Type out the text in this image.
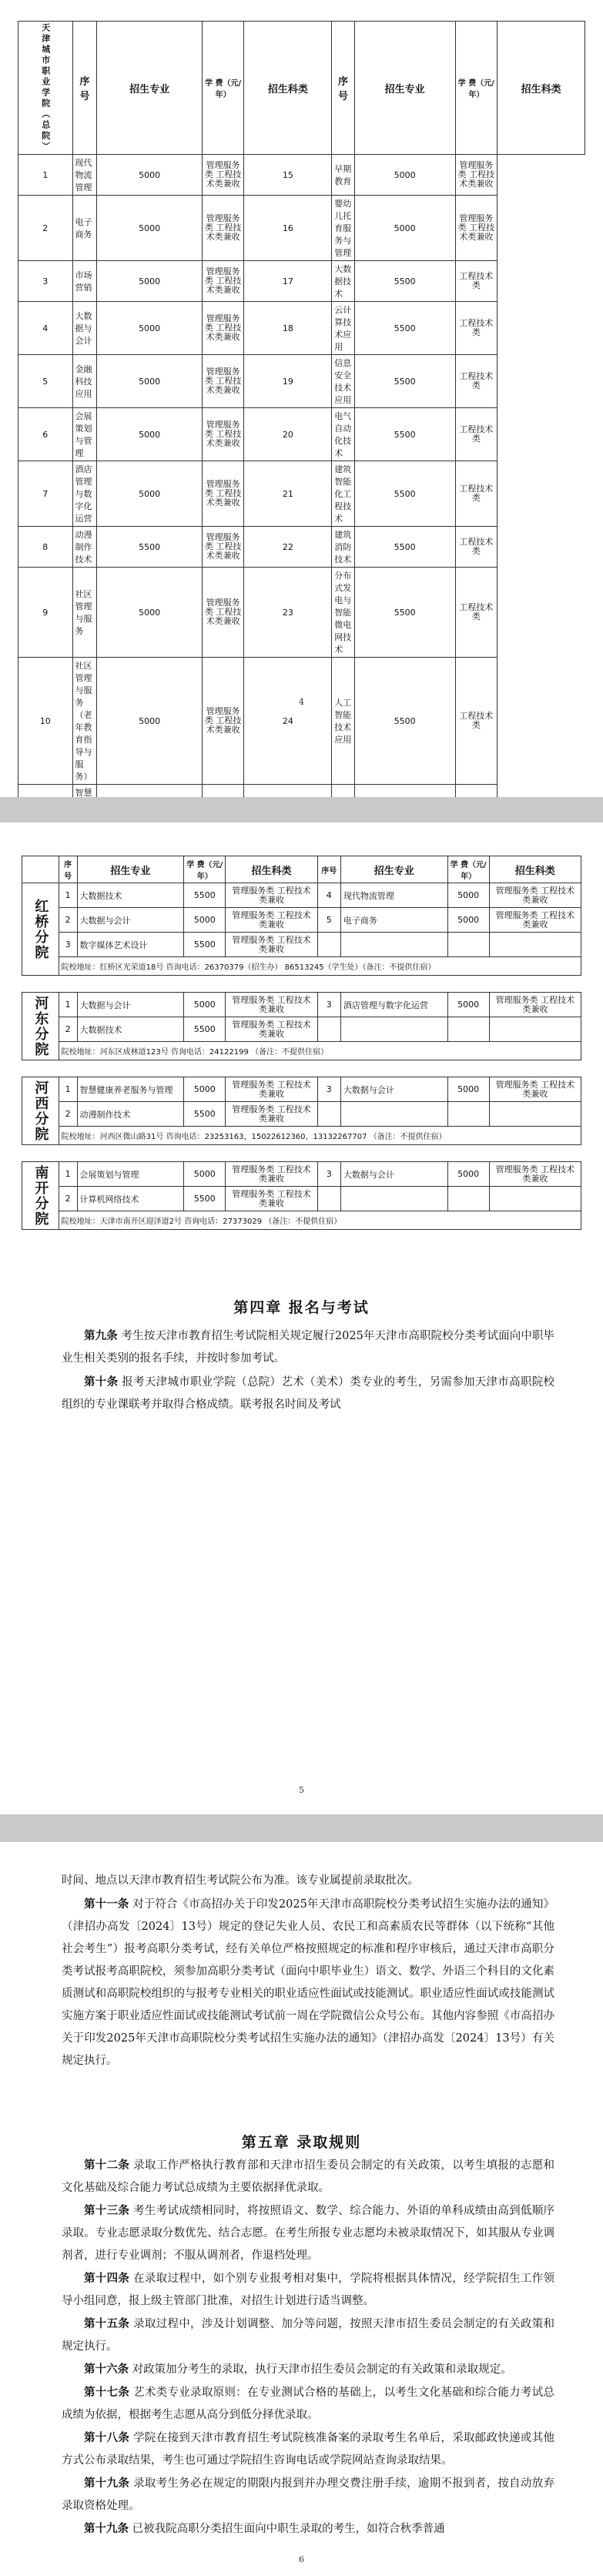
天津城市职业学院（总院）	序号	招生专业	学 费（元/年）	招生科类	序号	招生专业	学 费（元/年）	招生科类
1	现代物流管理	5000	管理服务类 工程技术类兼收	15	早期教育	5000	管理服务类 工程技术类兼收	
2	电子商务	5000	管理服务类 工程技术类兼收	16	婴幼儿托育服务与管理	5000	管理服务类 工程技术类兼收	
3	市场营销	5000	管理服务类 工程技术类兼收	17	大数据技术	5500	工程技术类	
4	大数据与会计	5000	管理服务类 工程技术类兼收	18	云计算技术应用	5500	工程技术类	
5	金融科技应用	5000	管理服务类 工程技术类兼收	19	信息安全技术应用	5500	工程技术类	
6	会展策划与管理	5000	管理服务类 工程技术类兼收	20	电气自动化技术	5500	工程技术类	
7	酒店管理与数字化运营	5000	管理服务类 工程技术类兼收	21	建筑智能化工程技术	5500	工程技术类	
8	动漫制作技术	5500	管理服务类 工程技术类兼收	22	建筑消防技术	5500	工程技术类	
9	社区管理与服务	5000	管理服务类 工程技术类兼收	23	分布式发电与智能微电网技术	5500	工程技术类	
10	社区管理与服务（老年教育指导与服务）	5000	管理服务类 工程技术类兼收	24	人工智能技术应用	5500	工程技术类	
	智慧						

4
	序号	招生专业	学 费（元/年）	招生科类	序号	招生专业	学 费（元/年）	招生科类

红桥分院	1	大数据技术	5500	管理服务类 工程技术类兼收	4	现代物流管理	5000	管理服务类 工程技术类兼收
	2	大数据与会计	5000	管理服务类 工程技术类兼收	5	电子商务	5000	管理服务类 工程技术类兼收
	3	数字媒体艺术设计	5500	管理服务类 工程技术类兼收				
	院校地址：红桥区光荣道18号 咨询电话：26370379（招生办） 86513245（学生处）（备注：不提供住宿）							

河东分院	1	大数据与会计	5000	管理服务类 工程技术类兼收	3	酒店管理与数字化运营	5000	管理服务类 工程技术类兼收
	2	大数据技术	5500	管理服务类 工程技术类兼收				
	院校地址：河东区成林道123号 咨询电话：24122199 （备注：不提供住宿）							

河西分院	1	智慧健康养老服务与管理	5000	管理服务类 工程技术类兼收	3	大数据与会计	5000	管理服务类 工程技术类兼收
	2	动漫制作技术	5500	管理服务类 工程技术类兼收				
	院校地址：河西区微山路31号 咨询电话：23253163，15022612360，13132267707 （备注：不提供住宿）							

南开分院	1	会展策划与管理	5000	管理服务类 工程技术类兼收	3	大数据与会计	5000	管理服务类 工程技术类兼收
	2	计算机网络技术	5500	管理服务类 工程技术类兼收				
	院校地址：天津市南开区迎泽道2号 咨询电话：27373029 （备注：不提供住宿）							
第四章 报名与考试
第九条 考生按天津市教育招生考试院相关规定履行2025年天津市高职院校分类考试面向中职毕业生相关类别的报名手续，并按时参加考试。
第十条 报考天津城市职业学院（总院）艺术（美术）类专业的考生，另需参加天津市高职院校组织的专业课联考并取得合格成绩。联考报名时间及考试
5
时间、地点以天津市教育招生考试院公布为准。该专业属提前录取批次。
第十一条 对于符合《市高招办关于印发2025年天津市高职院校分类考试招生实施办法的通知》（津招办高发〔2024〕13号）规定的登记失业人员、农民工和高素质农民等群体（以下统称“其他社会考生”）报考高职分类考试，经有关单位严格按照规定的标准和程序审核后，通过天津市高职分类考试报考高职院校，须参加高职分类考试（面向中职毕业生）语文、数学、外语三个科目的文化素质测试和高职院校组织的与报考专业相关的职业适应性面试或技能测试。职业适应性面试或技能测试实施方案于职业适应性面试或技能测试考试前一周在学院微信公众号公布。其他内容参照《市高招办关于印发2025年天津市高职院校分类考试招生实施办法的通知》（津招办高发〔2024〕13号）有关规定执行。
第五章 录取规则
第十二条 录取工作严格执行教育部和天津市招生委员会制定的有关政策，以考生填报的志愿和文化基础及综合能力考试总成绩为主要依据择优录取。
第十三条 考生考试成绩相同时，将按照语文、数学、综合能力、外语的单科成绩由高到低顺序录取。专业志愿录取分数优先、结合志愿。在考生所报专业志愿均未被录取情况下，如其服从专业调剂者，进行专业调剂；不服从调剂者，作退档处理。
第十四条 在录取过程中，如个别专业报考相对集中，学院将根据具体情况，经学院招生工作领导小组同意，报上级主管部门批准，对招生计划进行适当调整。
第十五条 录取过程中，涉及计划调整、加分等问题，按照天津市招生委员会制定的有关政策和规定执行。
第十六条 对政策加分考生的录取，执行天津市招生委员会制定的有关政策和录取规定。
第十七条 艺术类专业录取原则：在专业测试合格的基础上，以考生文化基础和综合能力考试总成绩为依据，根据考生志愿从高分到低分择优录取。
第十八条 学院在接到天津市教育招生考试院核准备案的录取考生名单后，采取邮政快递或其他方式公布录取结果，考生也可通过学院招生咨询电话或学院网站查询录取结果。
第十九条 录取考生务必在规定的期限内报到并办理交费注册手续，逾期不报到者，按自动放弃录取资格处理。
第十九条 已被我院高职分类招生面向中职生录取的考生，如符合秋季普通
6
